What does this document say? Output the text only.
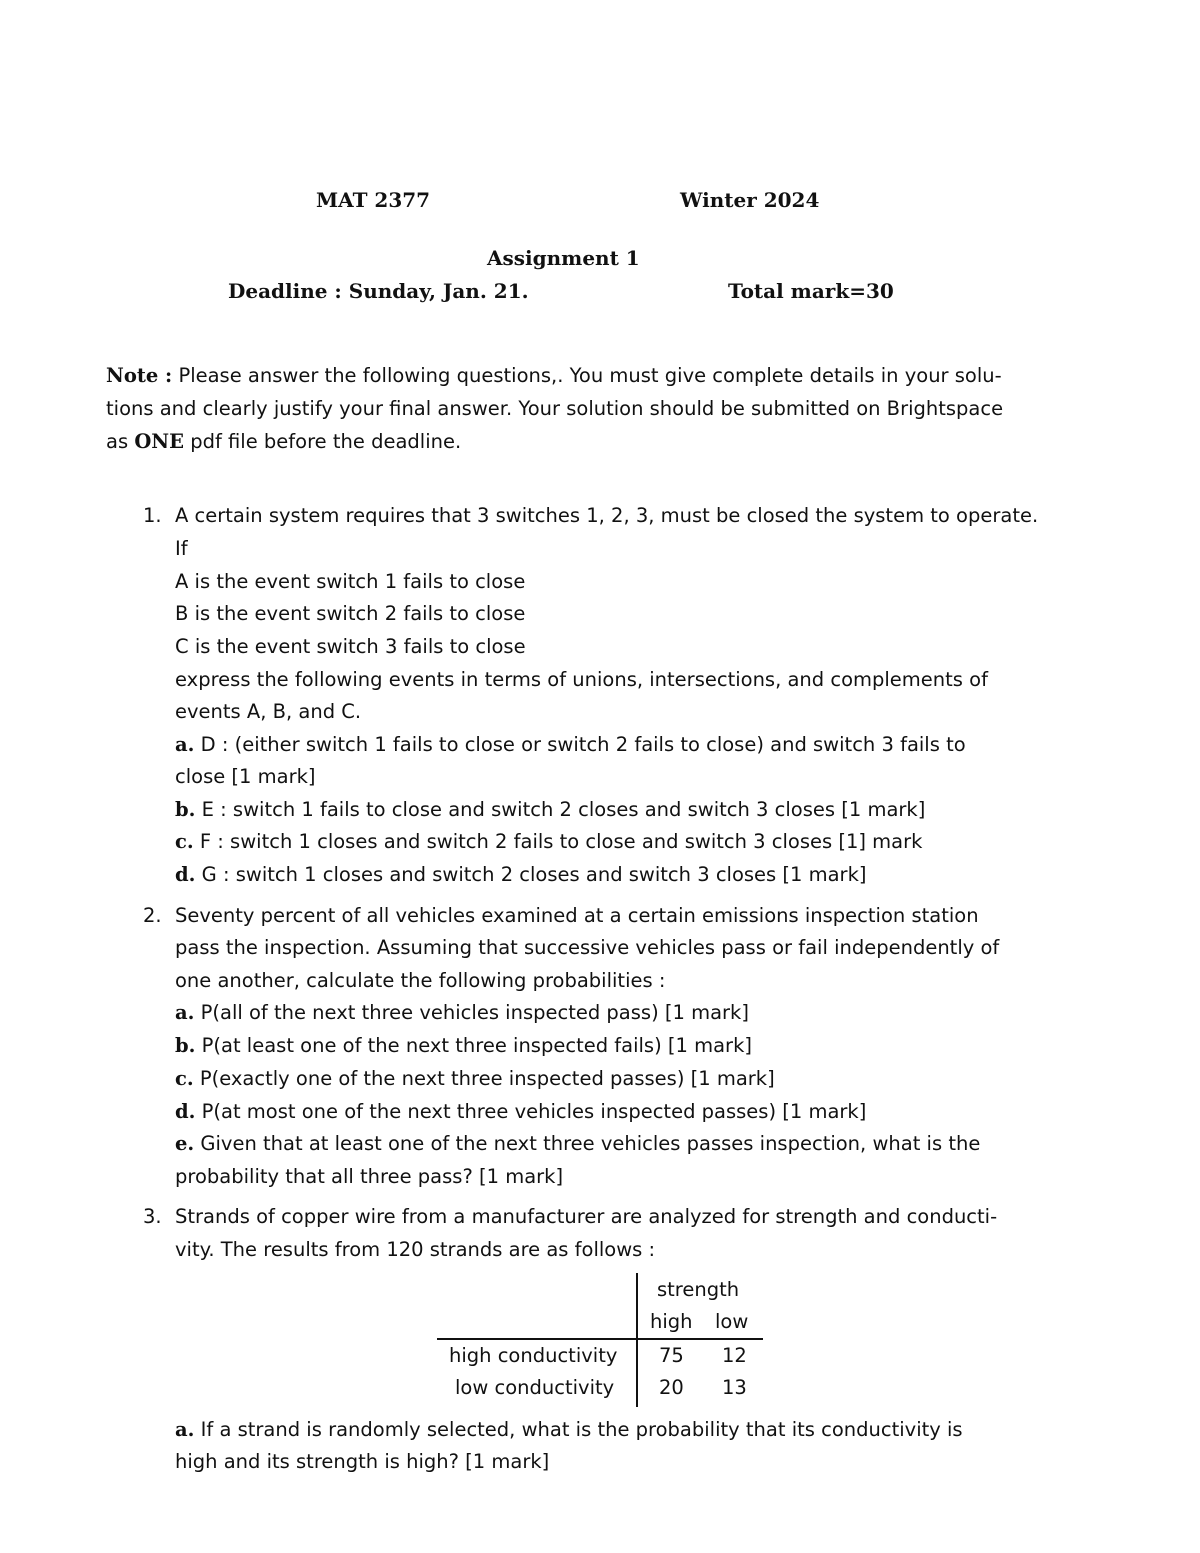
MAT 2377	Winter 2024
Assignment 1
Deadline : Sunday, Jan. 21.	Total mark=30
Note : Please answer the following questions,. You must give complete details in your solu-
tions and clearly justify your final answer. Your solution should be submitted on Brightspace
as ONE pdf file before the deadline.
1. A certain system requires that 3 switches 1, 2, 3, must be closed the system to operate.
If
A is the event switch 1 fails to close
B is the event switch 2 fails to close
C is the event switch 3 fails to close
express the following events in terms of unions, intersections, and complements of
events A, B, and C.
a. D : (either switch 1 fails to close or switch 2 fails to close) and switch 3 fails to
close [1 mark]
b. E : switch 1 fails to close and switch 2 closes and switch 3 closes [1 mark]
c. F : switch 1 closes and switch 2 fails to close and switch 3 closes [1] mark
d. G : switch 1 closes and switch 2 closes and switch 3 closes [1 mark]
2. Seventy percent of all vehicles examined at a certain emissions inspection station
pass the inspection. Assuming that successive vehicles pass or fail independently of
one another, calculate the following probabilities :
a. P(all of the next three vehicles inspected pass) [1 mark]
b. P(at least one of the next three inspected fails) [1 mark]
c. P(exactly one of the next three inspected passes) [1 mark]
d. P(at most one of the next three vehicles inspected passes) [1 mark]
e. Given that at least one of the next three vehicles passes inspection, what is the
probability that all three pass? [1 mark]
3. Strands of copper wire from a manufacturer are analyzed for strength and conducti-
vity. The results from 120 strands are as follows :
strength
high low
high conductivity 75 12
low conductivity 20 13
a. If a strand is randomly selected, what is the probability that its conductivity is
high and its strength is high? [1 mark]
